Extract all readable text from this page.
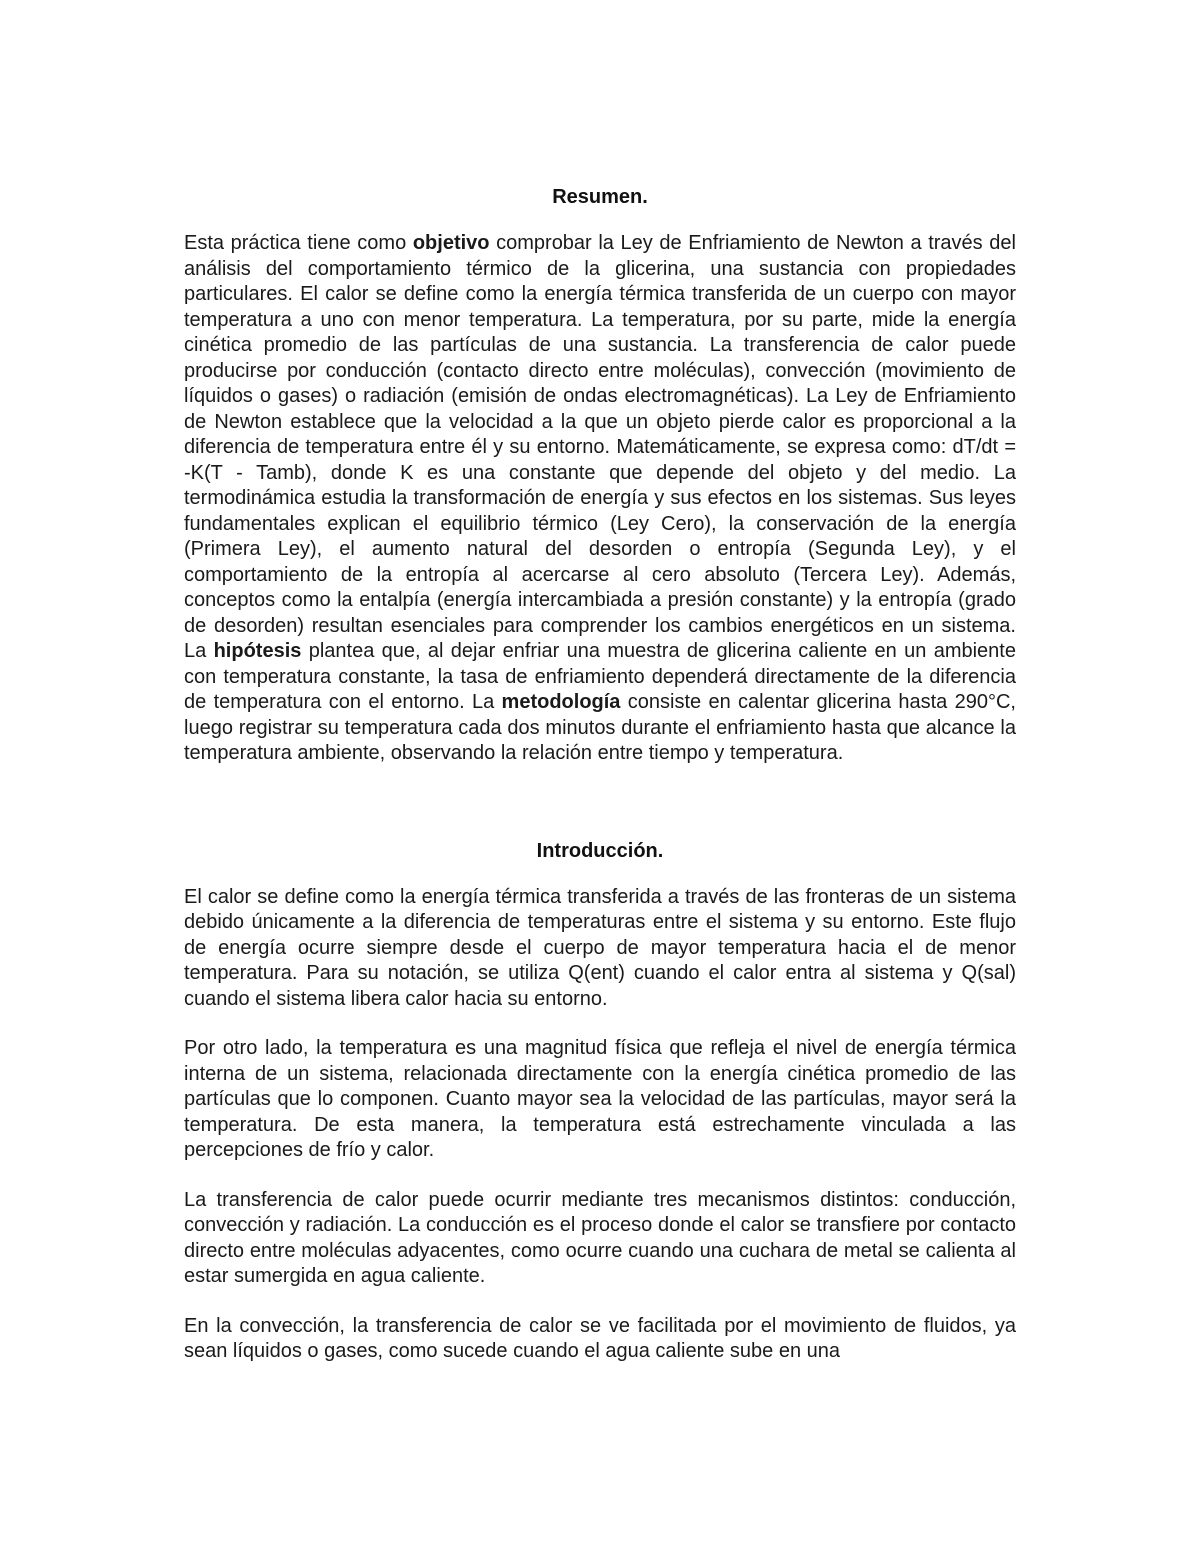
Resumen.

Esta práctica tiene como objetivo comprobar la Ley de Enfriamiento de Newton a través del análisis del comportamiento térmico de la glicerina, una sustancia con propiedades particulares. El calor se define como la energía térmica transferida de un cuerpo con mayor temperatura a uno con menor temperatura. La temperatura, por su parte, mide la energía cinética promedio de las partículas de una sustancia. La transferencia de calor puede producirse por conducción (contacto directo entre moléculas), convección (movimiento de líquidos o gases) o radiación (emisión de ondas electromagnéticas). La Ley de Enfriamiento de Newton establece que la velocidad a la que un objeto pierde calor es proporcional a la diferencia de temperatura entre él y su entorno. Matemáticamente, se expresa como: dT/dt = -K(T - Tamb), donde K es una constante que depende del objeto y del medio. La termodinámica estudia la transformación de energía y sus efectos en los sistemas. Sus leyes fundamentales explican el equilibrio térmico (Ley Cero), la conservación de la energía (Primera Ley), el aumento natural del desorden o entropía (Segunda Ley), y el comportamiento de la entropía al acercarse al cero absoluto (Tercera Ley). Además, conceptos como la entalpía (energía intercambiada a presión constante) y la entropía (grado de desorden) resultan esenciales para comprender los cambios energéticos en un sistema. La hipótesis plantea que, al dejar enfriar una muestra de glicerina caliente en un ambiente con temperatura constante, la tasa de enfriamiento dependerá directamente de la diferencia de temperatura con el entorno. La metodología consiste en calentar glicerina hasta 290°C, luego registrar su temperatura cada dos minutos durante el enfriamiento hasta que alcance la temperatura ambiente, observando la relación entre tiempo y temperatura.

Introducción.

El calor se define como la energía térmica transferida a través de las fronteras de un sistema debido únicamente a la diferencia de temperaturas entre el sistema y su entorno. Este flujo de energía ocurre siempre desde el cuerpo de mayor temperatura hacia el de menor temperatura. Para su notación, se utiliza Q(ent) cuando el calor entra al sistema y Q(sal) cuando el sistema libera calor hacia su entorno.

Por otro lado, la temperatura es una magnitud física que refleja el nivel de energía térmica interna de un sistema, relacionada directamente con la energía cinética promedio de las partículas que lo componen. Cuanto mayor sea la velocidad de las partículas, mayor será la temperatura. De esta manera, la temperatura está estrechamente vinculada a las percepciones de frío y calor.

La transferencia de calor puede ocurrir mediante tres mecanismos distintos: conducción, convección y radiación. La conducción es el proceso donde el calor se transfiere por contacto directo entre moléculas adyacentes, como ocurre cuando una cuchara de metal se calienta al estar sumergida en agua caliente.

En la convección, la transferencia de calor se ve facilitada por el movimiento de fluidos, ya sean líquidos o gases, como sucede cuando el agua caliente sube en una
